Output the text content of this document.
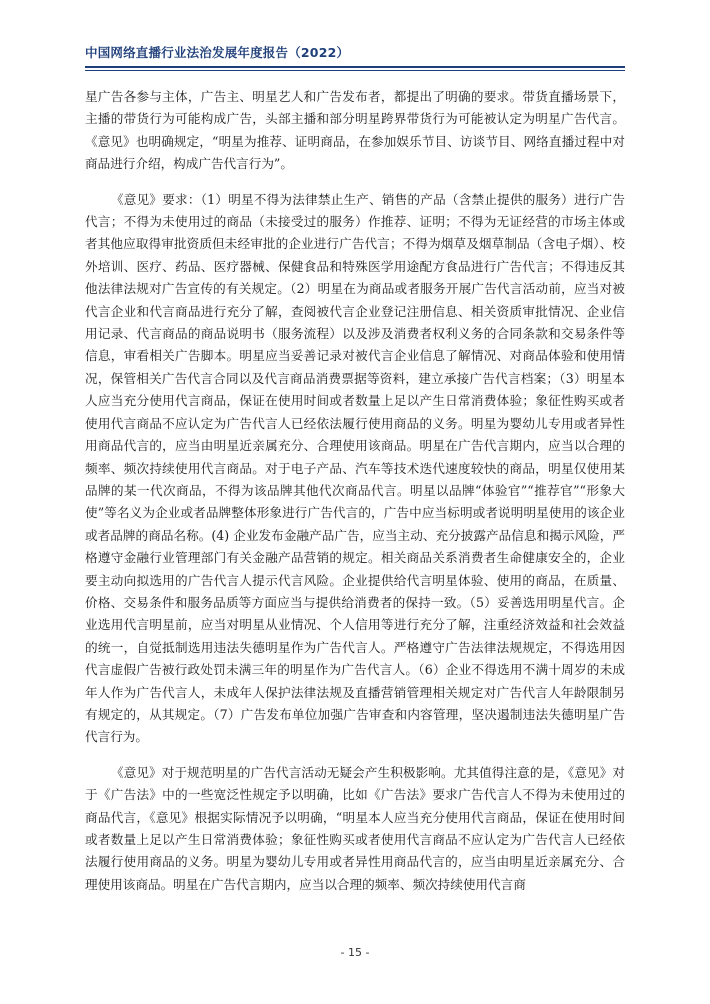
中国网络直播行业法治发展年度报告（2022）

星广告各参与主体，广告主、明星艺人和广告发布者，都提出了明确的要求。带货直播场景下，主播的带货行为可能构成广告，头部主播和部分明星跨界带货行为可能被认定为明星广告代言。《意见》也明确规定，“明星为推荐、证明商品，在参加娱乐节目、访谈节目、网络直播过程中对商品进行介绍，构成广告代言行为”。

《意见》要求：（1）明星不得为法律禁止生产、销售的产品（含禁止提供的服务）进行广告代言；不得为未使用过的商品（未接受过的服务）作推荐、证明；不得为无证经营的市场主体或者其他应取得审批资质但未经审批的企业进行广告代言；不得为烟草及烟草制品（含电子烟）、校外培训、医疗、药品、医疗器械、保健食品和特殊医学用途配方食品进行广告代言；不得违反其他法律法规对广告宣传的有关规定。（2）明星在为商品或者服务开展广告代言活动前，应当对被代言企业和代言商品进行充分了解，查阅被代言企业登记注册信息、相关资质审批情况、企业信用记录、代言商品的商品说明书（服务流程）以及涉及消费者权利义务的合同条款和交易条件等信息，审看相关广告脚本。明星应当妥善记录对被代言企业信息了解情况、对商品体验和使用情况，保管相关广告代言合同以及代言商品消费票据等资料，建立承接广告代言档案；（3）明星本人应当充分使用代言商品，保证在使用时间或者数量上足以产生日常消费体验；象征性购买或者使用代言商品不应认定为广告代言人已经依法履行使用商品的义务。明星为婴幼儿专用或者异性用商品代言的，应当由明星近亲属充分、合理使用该商品。明星在广告代言期内，应当以合理的频率、频次持续使用代言商品。对于电子产品、汽车等技术迭代速度较快的商品，明星仅使用某品牌的某一代次商品，不得为该品牌其他代次商品代言。明星以品牌“体验官”“推荐官”“形象大使”等名义为企业或者品牌整体形象进行广告代言的，广告中应当标明或者说明明星使用的该企业或者品牌的商品名称。(4) 企业发布金融产品广告，应当主动、充分披露产品信息和揭示风险，严格遵守金融行业管理部门有关金融产品营销的规定。相关商品关系消费者生命健康安全的，企业要主动向拟选用的广告代言人提示代言风险。企业提供给代言明星体验、使用的商品，在质量、价格、交易条件和服务品质等方面应当与提供给消费者的保持一致。（5）妥善选用明星代言。企业选用代言明星前，应当对明星从业情况、个人信用等进行充分了解，注重经济效益和社会效益的统一，自觉抵制选用违法失德明星作为广告代言人。严格遵守广告法律法规规定，不得选用因代言虚假广告被行政处罚未满三年的明星作为广告代言人。（6）企业不得选用不满十周岁的未成年人作为广告代言人，未成年人保护法律法规及直播营销管理相关规定对广告代言人年龄限制另有规定的，从其规定。（7）广告发布单位加强广告审查和内容管理，坚决遏制违法失德明星广告代言行为。

《意见》对于规范明星的广告代言活动无疑会产生积极影响。尤其值得注意的是，《意见》对于《广告法》中的一些宽泛性规定予以明确，比如《广告法》要求广告代言人不得为未使用过的商品代言，《意见》根据实际情况予以明确，“明星本人应当充分使用代言商品，保证在使用时间或者数量上足以产生日常消费体验；象征性购买或者使用代言商品不应认定为广告代言人已经依法履行使用商品的义务。明星为婴幼儿专用或者异性用商品代言的，应当由明星近亲属充分、合理使用该商品。明星在广告代言期内，应当以合理的频率、频次持续使用代言商

- 15 -
